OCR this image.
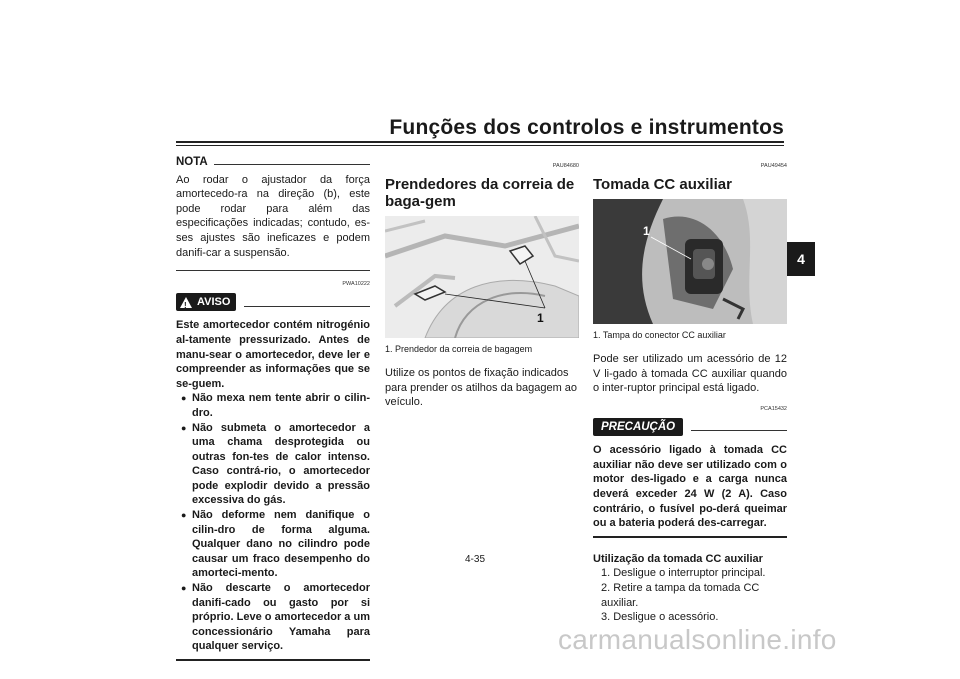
Funções dos controlos e instrumentos
4
NOTA
Ao rodar o ajustador da força amortecedo-ra na direção (b), este pode rodar para além das especificações indicadas; contudo, es-ses ajustes são ineficazes e podem danifi-car a suspensão.
PWA10222
! AVISO
Este amortecedor contém nitrogénio al-tamente pressurizado. Antes de manu-sear o amortecedor, deve ler e compreender as informações que se se-guem.
● Não mexa nem tente abrir o cilin-dro.
● Não submeta o amortecedor a uma chama desprotegida ou outras fon-tes de calor intenso. Caso contrá-rio, o amortecedor pode explodir devido a pressão excessiva do gás.
● Não deforme nem danifique o cilin-dro de forma alguma. Qualquer dano no cilindro pode causar um fraco desempenho do amorteci-mento.
● Não descarte o amortecedor danifi-cado ou gasto por si próprio. Leve o amortecedor a um concessionário Yamaha para qualquer serviço.
PAU84680
Prendedores da correia de baga-gem
1
1. Prendedor da correia de bagagem
Utilize os pontos de fixação indicados para prender os atilhos da bagagem ao veículo.
PAU49454
Tomada CC auxiliar
1
1. Tampa do conector CC auxiliar
Pode ser utilizado um acessório de 12 V li-gado à tomada CC auxiliar quando o inter-ruptor principal está ligado.
PCA15432
PRECAUÇÃO
O acessório ligado à tomada CC auxiliar não deve ser utilizado com o motor des-ligado e a carga nunca deverá exceder 24 W (2 A). Caso contrário, o fusível po-derá queimar ou a bateria poderá des-carregar.
Utilização da tomada CC auxiliar
1. Desligue o interruptor principal.
2. Retire a tampa da tomada CC auxiliar.
3. Desligue o acessório.
4-35
carmanualsonline.info
